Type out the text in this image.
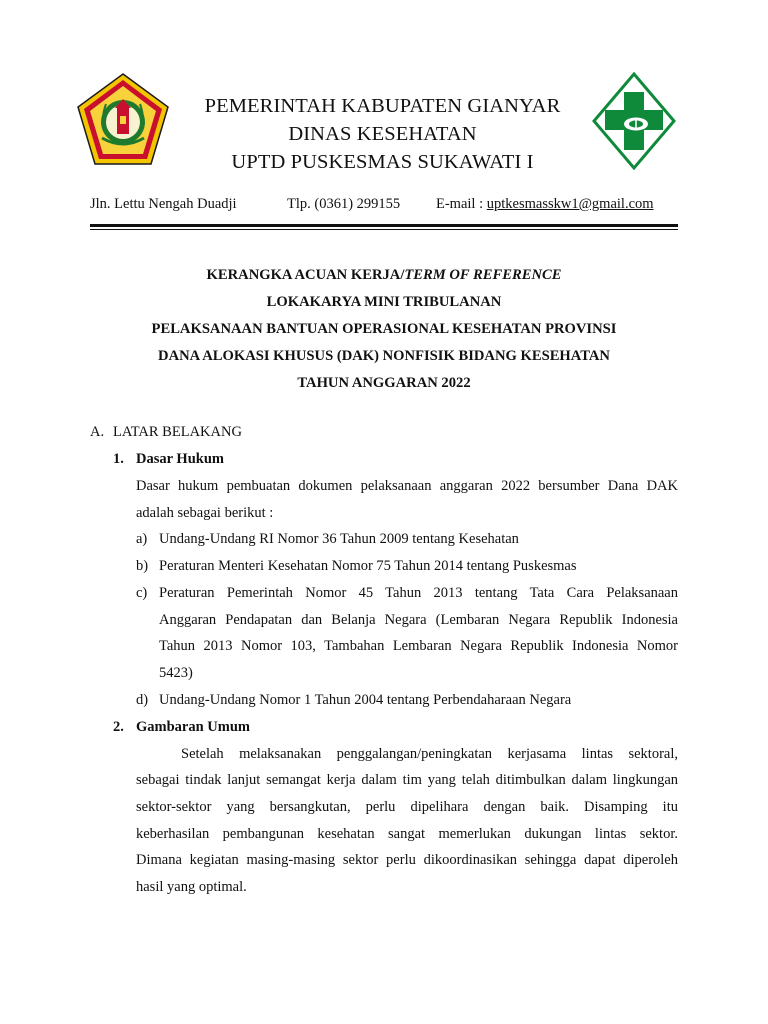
PEMERINTAH KABUPATEN GIANYAR
DINAS KESEHATAN
UPTD PUSKESMAS SUKAWATI I
Jln. Lettu Nengah Duadji	Tlp. (0361) 299155 E-mail : uptkesmasskw1@gmail.com
KERANGKA ACUAN KERJA/TERM OF REFERENCE
LOKAKARYA MINI TRIBULANAN
PELAKSANAAN BANTUAN OPERASIONAL KESEHATAN PROVINSI
DANA ALOKASI KHUSUS (DAK) NONFISIK BIDANG KESEHATAN
TAHUN ANGGARAN 2022
A. LATAR BELAKANG
1. Dasar Hukum
Dasar hukum pembuatan dokumen pelaksanaan anggaran 2022 bersumber Dana DAK
adalah sebagai berikut :
a) Undang-Undang RI Nomor 36 Tahun 2009 tentang Kesehatan
b) Peraturan Menteri Kesehatan Nomor 75 Tahun 2014 tentang Puskesmas
c) Peraturan Pemerintah Nomor 45 Tahun 2013 tentang Tata Cara Pelaksanaan
Anggaran Pendapatan dan Belanja Negara (Lembaran Negara Republik Indonesia
Tahun 2013 Nomor 103, Tambahan Lembaran Negara Republik Indonesia Nomor
5423)
d) Undang-Undang Nomor 1 Tahun 2004 tentang Perbendaharaan Negara
2. Gambaran Umum
Setelah melaksanakan penggalangan/peningkatan kerjasama lintas sektoral,
sebagai tindak lanjut semangat kerja dalam tim yang telah ditimbulkan dalam lingkungan
sektor-sektor yang bersangkutan, perlu dipelihara dengan baik. Disamping itu
keberhasilan pembangunan kesehatan sangat memerlukan dukungan lintas sektor.
Dimana kegiatan masing-masing sektor perlu dikoordinasikan sehingga dapat diperoleh
hasil yang optimal.
